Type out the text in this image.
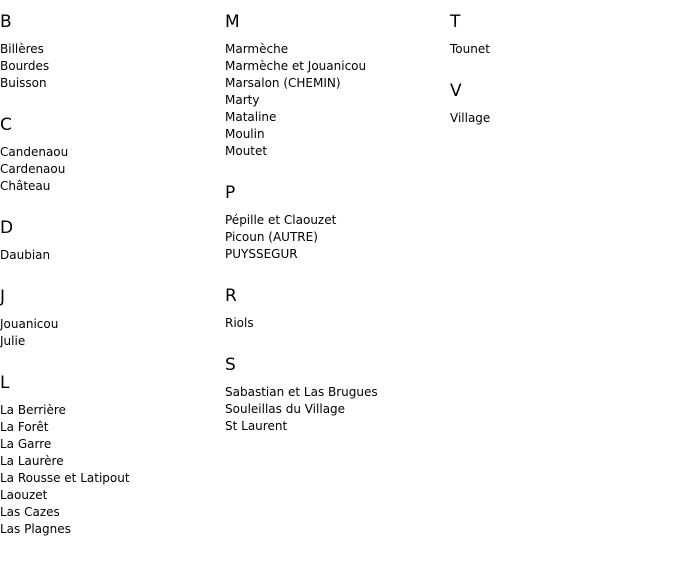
B
Billères
Bourdes
Buisson
C
Candenaou
Cardenaou
Château
D
Daubian
J
Jouanicou
Julie
L
La Berrière
La Forêt
La Garre
La Laurère
La Rousse et Latipout
Laouzet
Las Cazes
Las Plagnes
M
Marmèche
Marmèche et Jouanicou
Marsalon (CHEMIN)
Marty
Mataline
Moulin
Moutet
P
Pépille et Claouzet
Picoun (AUTRE)
PUYSSEGUR
R
Riols
S
Sabastian et Las Brugues
Souleillas du Village
St Laurent
T
Tounet
V
Village
